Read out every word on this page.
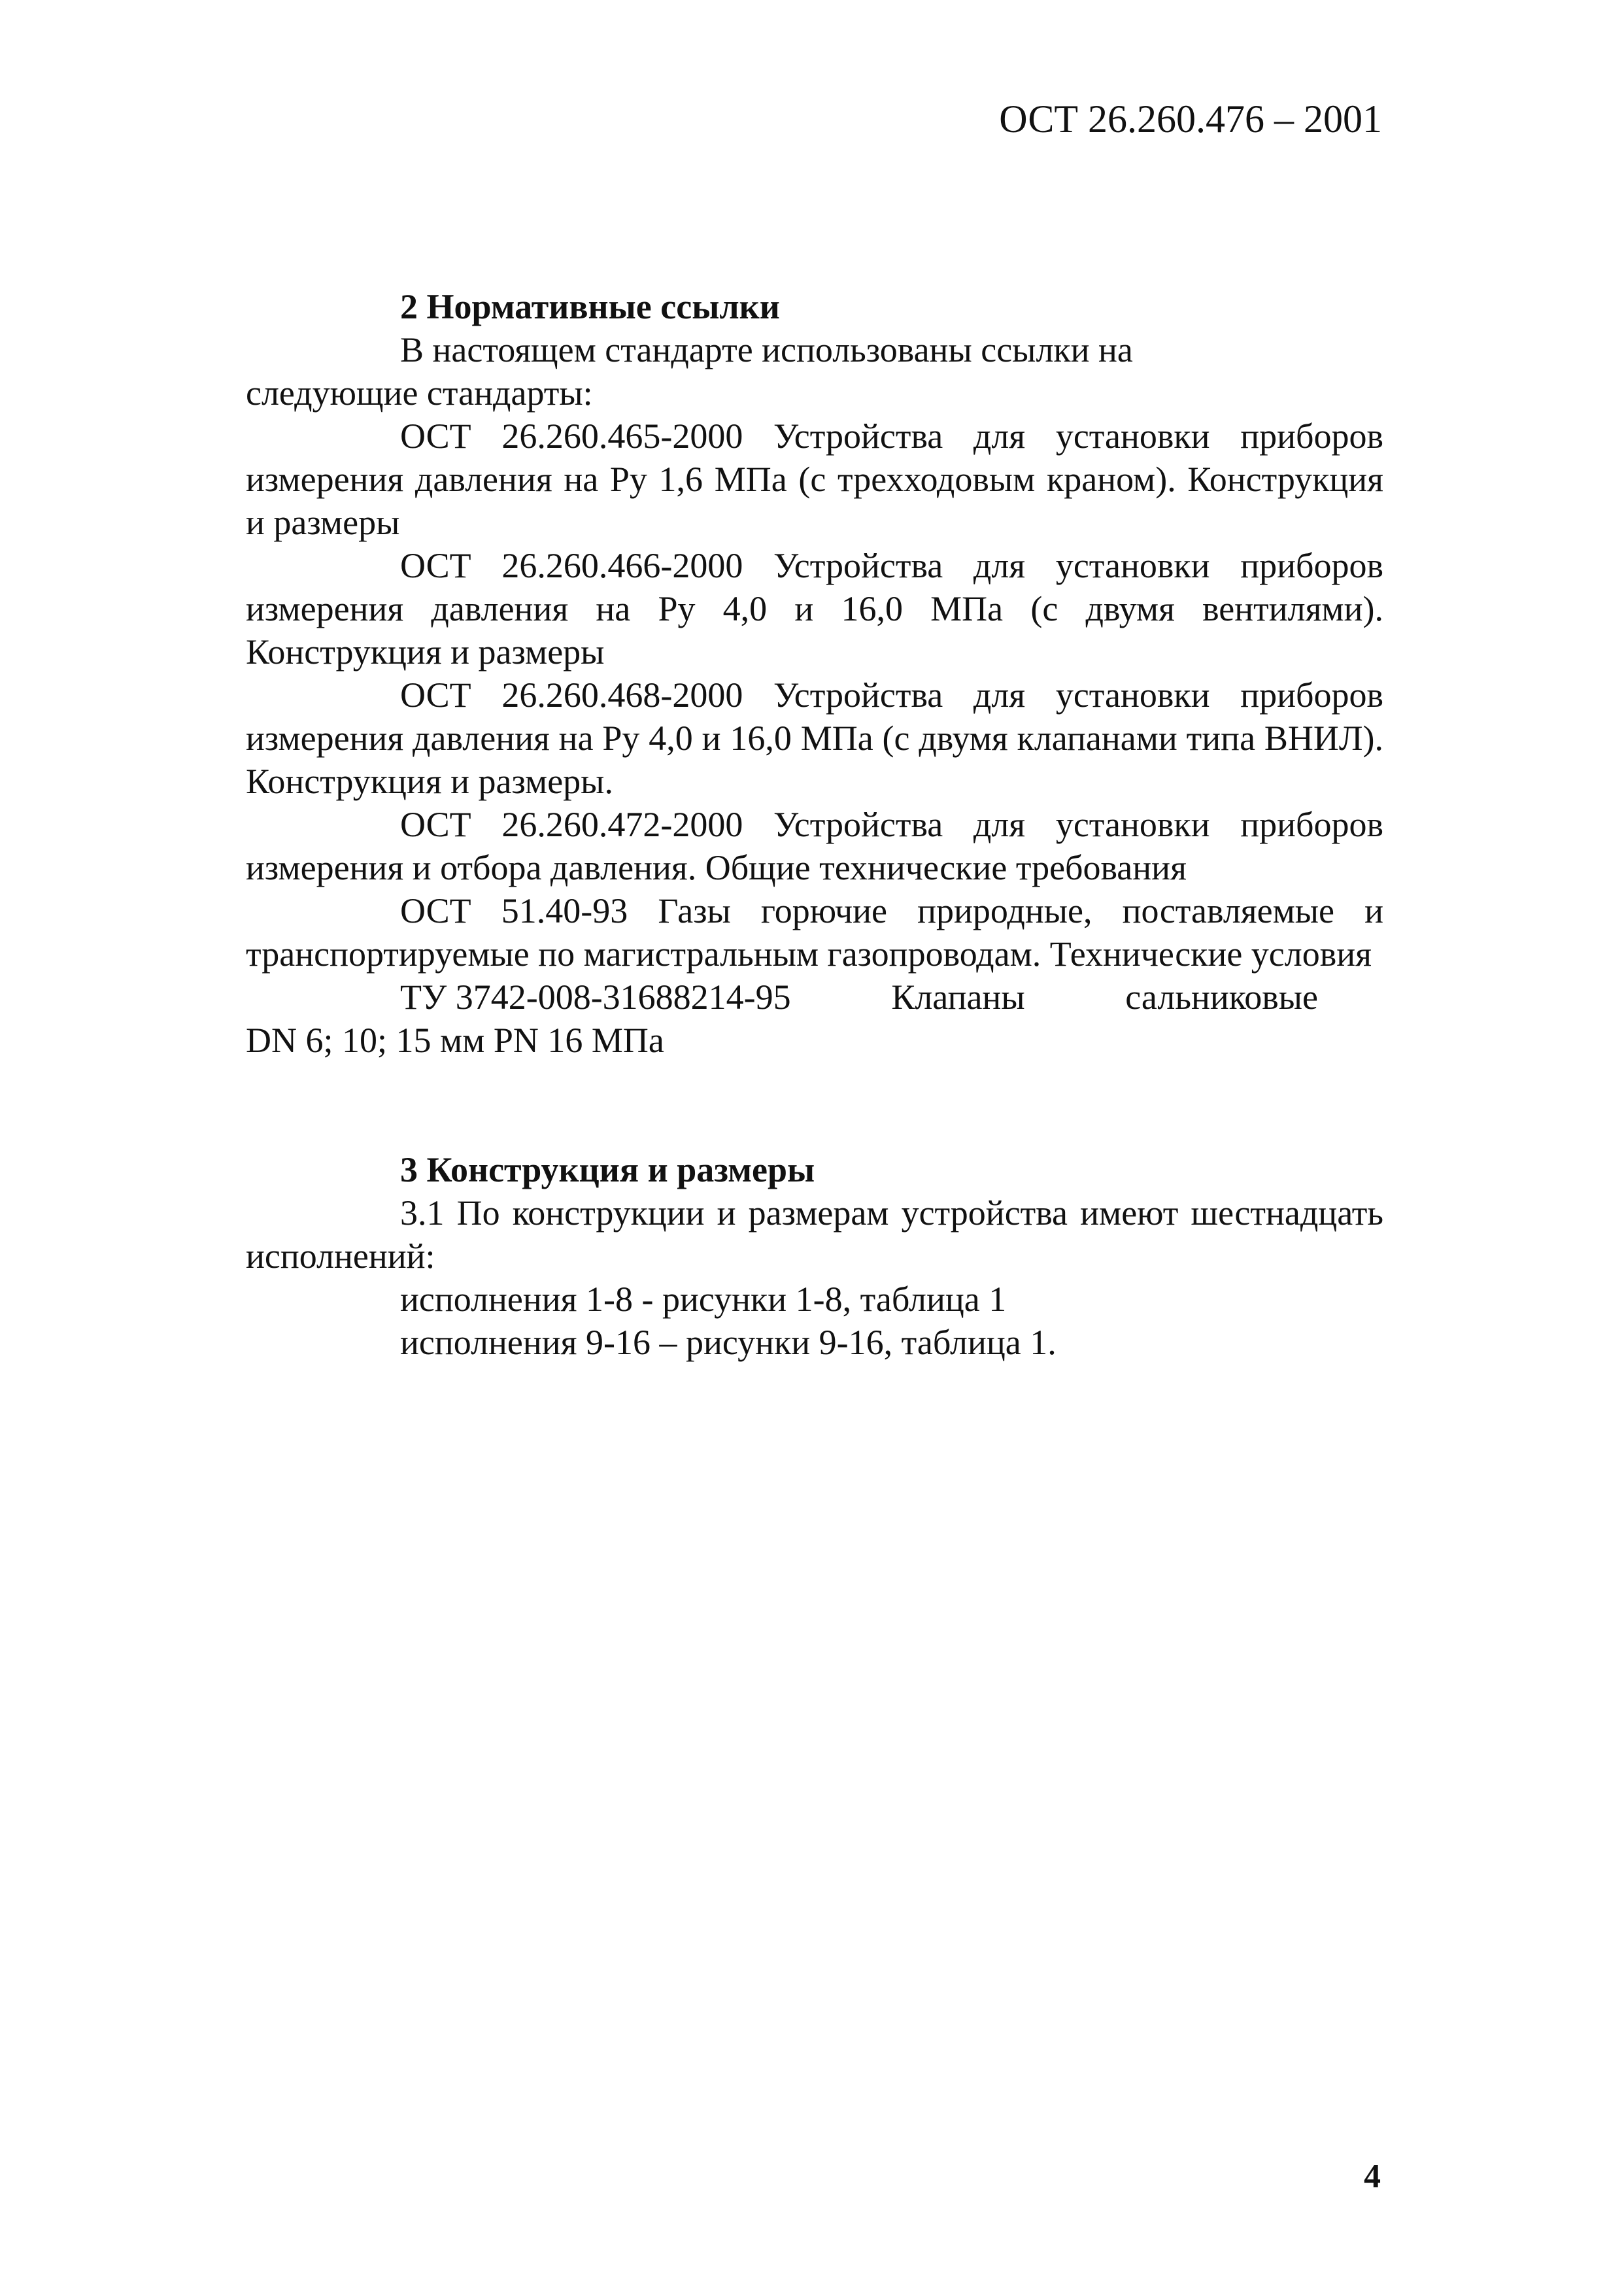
ОСТ 26.260.476 – 2001

2 Нормативные ссылки

В настоящем стандарте использованы ссылки на

следующие стандарты:

ОСТ 26.260.465-2000 Устройства для установки приборов измерения давления на Pу 1,6 МПа (с трехходовым краном). Конструкция и размеры

ОСТ 26.260.466-2000 Устройства для установки приборов измерения давления на Pу 4,0 и 16,0 МПа (с двумя вентилями). Конструкция и размеры

ОСТ 26.260.468-2000 Устройства для установки приборов измерения давления на Pу 4,0 и 16,0 МПа (с двумя клапанами типа ВНИЛ). Конструкция и размеры.

ОСТ 26.260.472-2000 Устройства для установки приборов измерения и отбора давления. Общие технические требования

ОСТ 51.40-93 Газы горючие природные, поставляемые и транспортируемые по магистральным газопроводам. Технические условия

ТУ 3742-008-31688214-95	Клапаны	сальниковые

DN 6; 10; 15 мм PN 16 МПа

3 Конструкция и размеры

3.1 По конструкции и размерам устройства имеют шестнадцать исполнений:

исполнения 1-8 - рисунки 1-8, таблица 1

исполнения 9-16 – рисунки 9-16, таблица 1.

4
